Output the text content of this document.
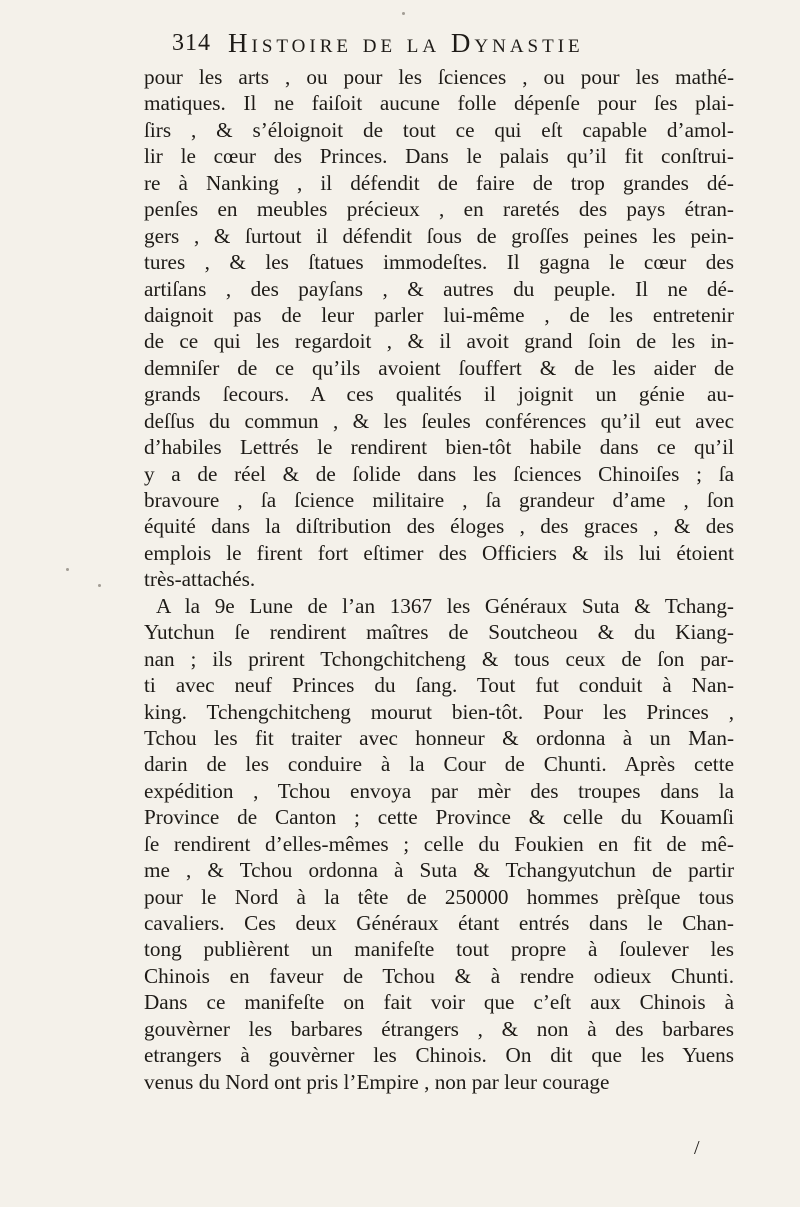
314 Histoire de la Dynastie
pour les arts , ou pour les ſciences , ou pour les mathé-
matiques. Il ne faiſoit aucune folle dépenſe pour ſes plai-
ſirs , & s’éloignoit de tout ce qui eſt capable d’amol-
lir le cœur des Princes. Dans le palais qu’il fit conſtrui-
re à Nanking , il défendit de faire de trop grandes dé-
penſes en meubles précieux , en raretés des pays étran-
gers , & ſurtout il défendit ſous de groſſes peines les pein-
tures , & les ſtatues immodeſtes. Il gagna le cœur des
artiſans , des payſans , & autres du peuple. Il ne dé-
daignoit pas de leur parler lui-même , de les entretenir
de ce qui les regardoit , & il avoit grand ſoin de les in-
demniſer de ce qu’ils avoient ſouffert & de les aider de
grands ſecours. A ces qualités il joignit un génie au-
deſſus du commun , & les ſeules conférences qu’il eut avec
d’habiles Lettrés le rendirent bien-tôt habile dans ce qu’il
y a de réel & de ſolide dans les ſciences Chinoiſes ; ſa
bravoure , ſa ſcience militaire , ſa grandeur d’ame , ſon
équité dans la diſtribution des éloges , des graces , & des
emplois le firent fort eſtimer des Officiers & ils lui étoient
très-attachés.
A la 9e Lune de l’an 1367 les Généraux Suta & Tchang-
Yutchun ſe rendirent maîtres de Soutcheou & du Kiang-
nan ; ils prirent Tchongchitcheng & tous ceux de ſon par-
ti avec neuf Princes du ſang. Tout fut conduit à Nan-
king. Tchengchitcheng mourut bien-tôt. Pour les Princes ,
Tchou les fit traiter avec honneur & ordonna à un Man-
darin de les conduire à la Cour de Chunti. Après cette
expédition , Tchou envoya par mèr des troupes dans la
Province de Canton ; cette Province & celle du Kouamſi
ſe rendirent d’elles-mêmes ; celle du Foukien en fit de mê-
me , & Tchou ordonna à Suta & Tchangyutchun de partir
pour le Nord à la tête de 250000 hommes prèſque tous
cavaliers. Ces deux Généraux étant entrés dans le Chan-
tong publièrent un manifeſte tout propre à ſoulever les
Chinois en faveur de Tchou & à rendre odieux Chunti.
Dans ce manifeſte on fait voir que c’eſt aux Chinois à
gouvèrner les barbares étrangers , & non à des barbares
etrangers à gouvèrner les Chinois. On dit que les Yuens
venus du Nord ont pris l’Empire , non par leur courage
/
